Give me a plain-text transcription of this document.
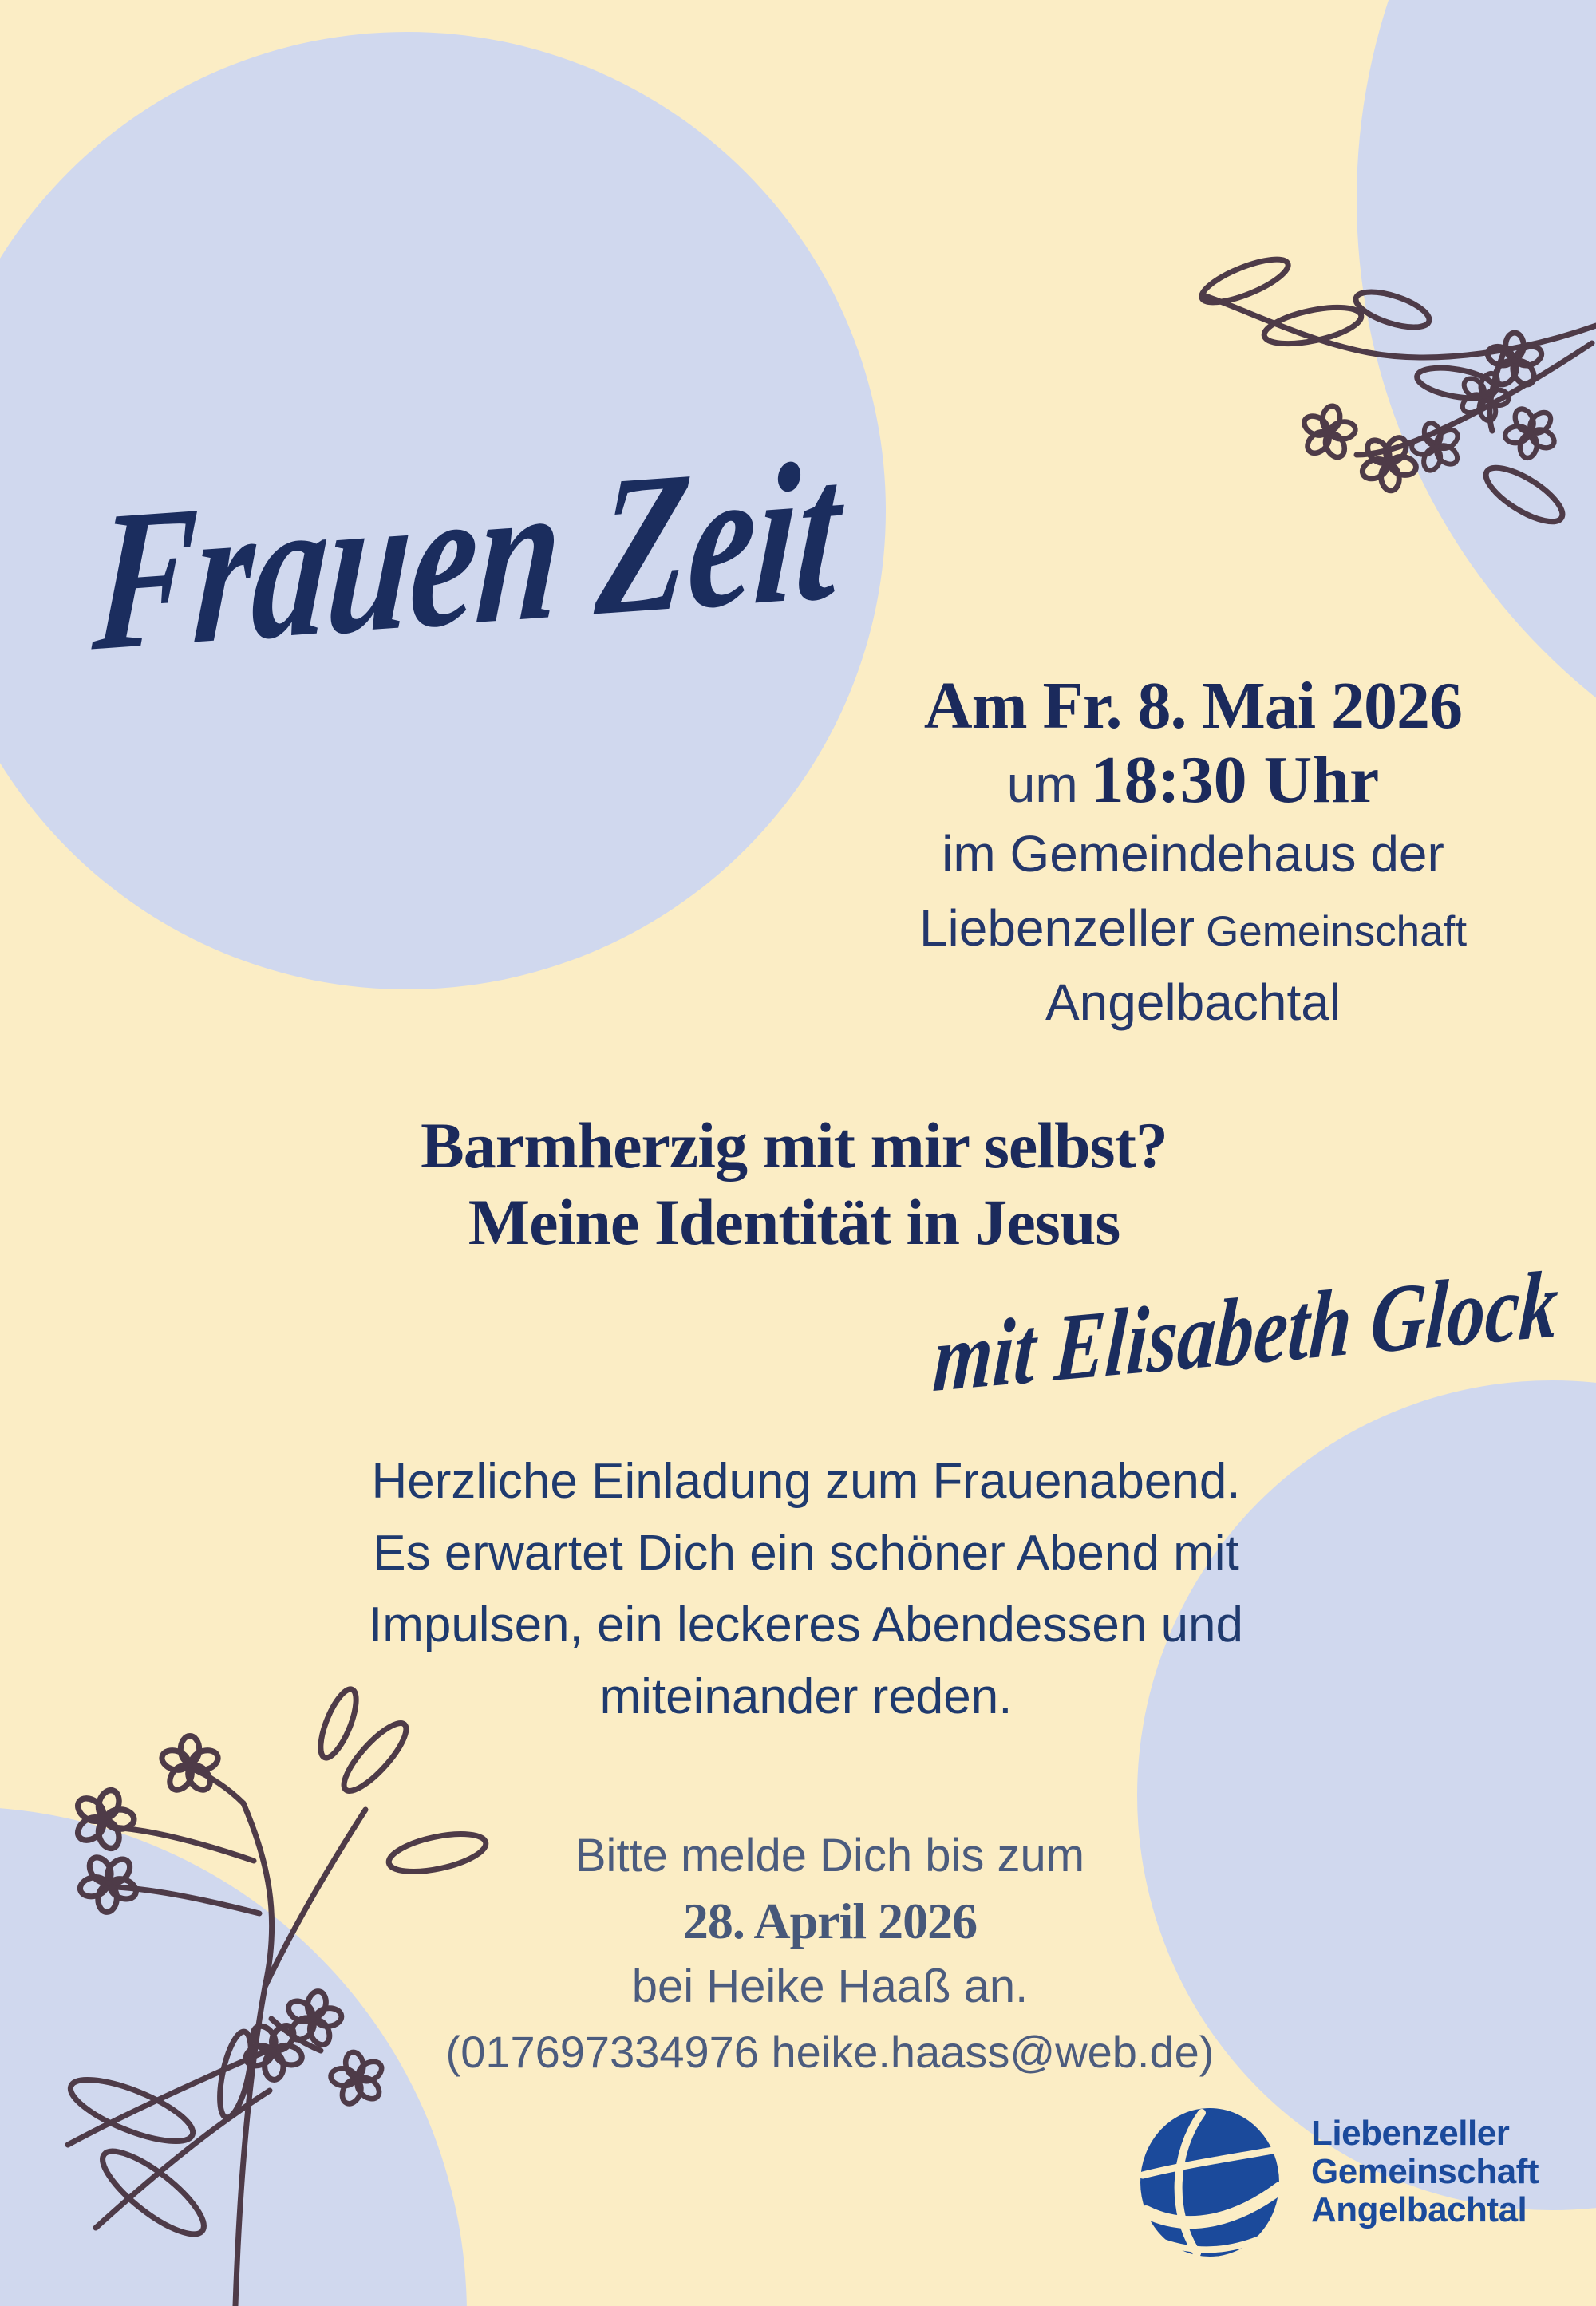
Frauen Zeit
Am Fr. 8. Mai 2026
um 18:30 Uhr
im Gemeindehaus der
Liebenzeller Gemeinschaft
Angelbachtal
Barmherzig mit mir selbst?
Meine Identität in Jesus
mit Elisabeth Glock
Herzliche Einladung zum Frauenabend.
Es erwartet Dich ein schöner Abend mit
Impulsen, ein leckeres Abendessen und
miteinander reden.
Bitte melde Dich bis zum
28. April 2026
bei Heike Haaß an.
(017697334976 heike.haass@web.de)
Liebenzeller
Gemeinschaft
Angelbachtal
